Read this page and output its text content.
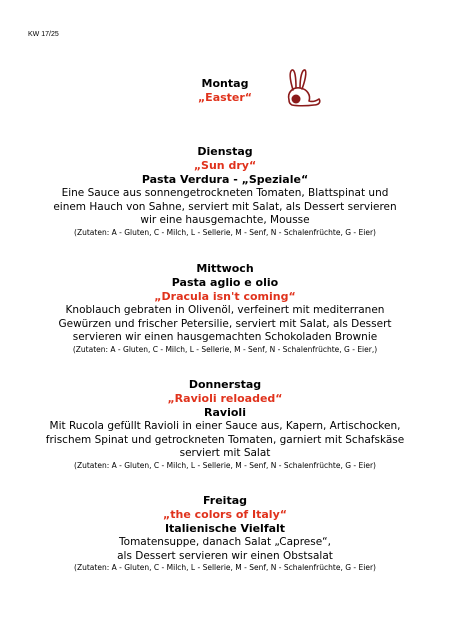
KW 17/25
Montag
„Easter“
Dienstag
„Sun dry“
Pasta Verdura - „Speziale“
Eine Sauce aus sonnengetrockneten Tomaten, Blattspinat und
einem Hauch von Sahne, serviert mit Salat, als Dessert servieren
wir eine hausgemachte, Mousse
(Zutaten: A - Gluten, C - Milch, L - Sellerie, M - Senf, N - Schalenfrüchte, G - Eier)
Mittwoch
Pasta aglio e olio
„Dracula isn't coming“
Knoblauch gebraten in Olivenöl, verfeinert mit mediterranen
Gewürzen und frischer Petersilie, serviert mit Salat, als Dessert
servieren wir einen hausgemachten Schokoladen Brownie
(Zutaten: A - Gluten, C - Milch, L - Sellerie, M - Senf, N - Schalenfrüchte, G - Eier,)
Donnerstag
„Ravioli reloaded“
Ravioli
Mit Rucola gefüllt Ravioli in einer Sauce aus, Kapern, Artischocken,
frischem Spinat und getrockneten Tomaten, garniert mit Schafskäse
serviert mit Salat
(Zutaten: A - Gluten, C - Milch, L - Sellerie, M - Senf, N - Schalenfrüchte, G - Eier)
Freitag
„the colors of Italy“
Italienische Vielfalt
Tomatensuppe, danach Salat „Caprese“,
als Dessert servieren wir einen Obstsalat
(Zutaten: A - Gluten, C - Milch, L - Sellerie, M - Senf, N - Schalenfrüchte, G - Eier)
